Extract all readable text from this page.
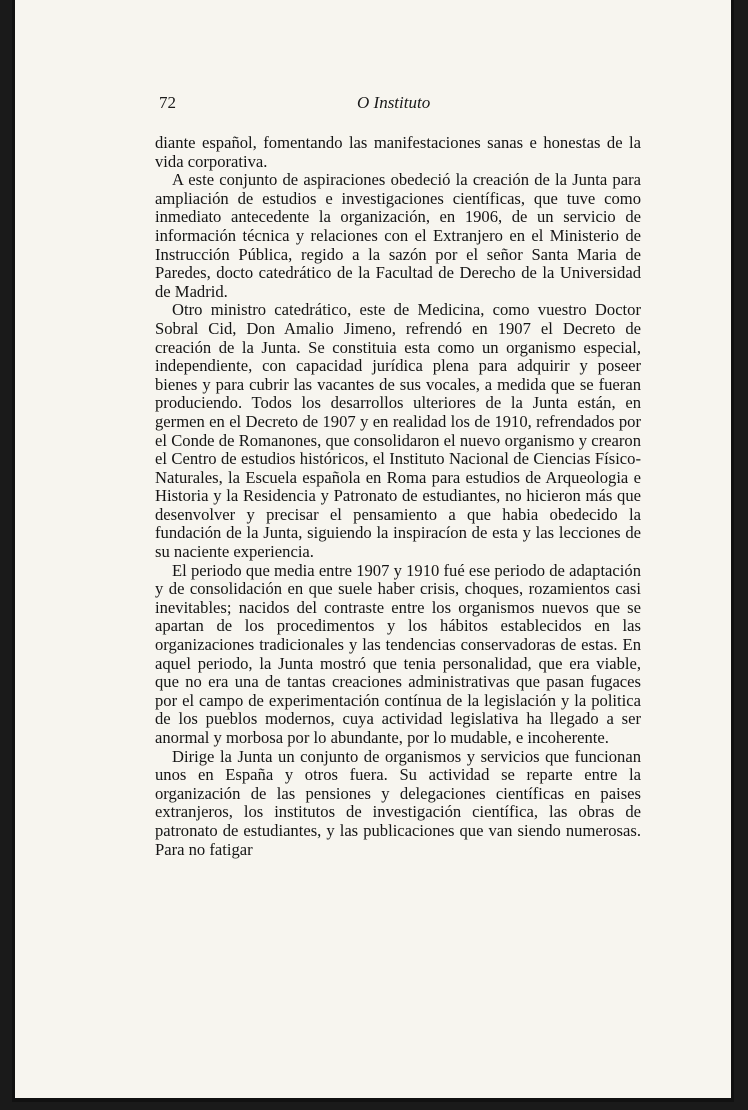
72	O Instituto

diante español, fomentando las manifestaciones sanas e honestas de la vida corporativa.

A este conjunto de aspiraciones obedeció la creación de la Junta para ampliación de estudios e investigaciones científicas, que tuve como inmediato antecedente la organización, en 1906, de un servicio de información técnica y relaciones con el Extranjero en el Ministerio de Instrucción Pública, regido a la sazón por el señor Santa Maria de Paredes, docto catedrático de la Facultad de Derecho de la Universidad de Madrid.

Otro ministro catedrático, este de Medicina, como vuestro Doctor Sobral Cid, Don Amalio Jimeno, refrendó en 1907 el Decreto de creación de la Junta. Se constituia esta como un organismo especial, independiente, con capacidad jurídica plena para adquirir y poseer bienes y para cubrir las vacantes de sus vocales, a medida que se fueran produciendo. Todos los desarrollos ulteriores de la Junta están, en germen en el Decreto de 1907 y en realidad los de 1910, refrendados por el Conde de Romanones, que consolidaron el nuevo organismo y crearon el Centro de estudios históricos, el Instituto Nacional de Ciencias Físico-Naturales, la Escuela española en Roma para estudios de Arqueologia e Historia y la Residencia y Patronato de estudiantes, no hicieron más que desenvolver y precisar el pensamiento a que habia obedecido la fundación de la Junta, siguiendo la inspiracíon de esta y las lecciones de su naciente experiencia.

El periodo que media entre 1907 y 1910 fué ese periodo de adaptación y de consolidación en que suele haber crisis, choques, rozamientos casi inevitables; nacidos del contraste entre los organismos nuevos que se apartan de los procedimentos y los hábitos establecidos en las organizaciones tradicionales y las tendencias conservadoras de estas. En aquel periodo, la Junta mostró que tenia personalidad, que era viable, que no era una de tantas creaciones administrativas que pasan fugaces por el campo de experimentación contínua de la legislación y la politica de los pueblos modernos, cuya actividad legislativa ha llegado a ser anormal y morbosa por lo abundante, por lo mudable, e incoherente.

Dirige la Junta un conjunto de organismos y servicios que funcionan unos en España y otros fuera. Su actividad se reparte entre la organización de las pensiones y delegaciones científicas en paises extranjeros, los institutos de investigación científica, las obras de patronato de estudiantes, y las publicaciones que van siendo numerosas. Para no fatigar
